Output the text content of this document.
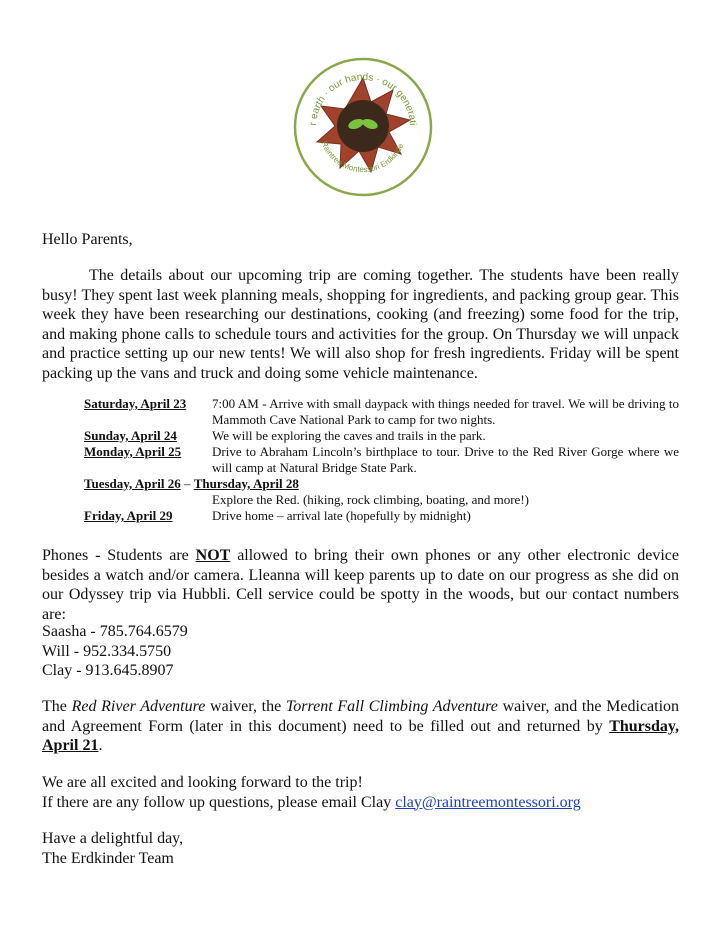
r earth · our hands · our generati
Raintree Montessori Erdkinde

Hello Parents,

The details about our upcoming trip are coming together. The students have been really busy! They spent last week planning meals, shopping for ingredients, and packing group gear. This week they have been researching our destinations, cooking (and freezing) some food for the trip, and making phone calls to schedule tours and activities for the group. On Thursday we will unpack and practice setting up our new tents! We will also shop for fresh ingredients. Friday will be spent packing up the vans and truck and doing some vehicle maintenance.

Saturday, April 23	7:00 AM - Arrive with small daypack with things needed for travel. We will be driving to Mammoth Cave National Park to camp for two nights.
Sunday, April 24	We will be exploring the caves and trails in the park.
Monday, April 25	Drive to Abraham Lincoln’s birthplace to tour. Drive to the Red River Gorge where we will camp at Natural Bridge State Park.
Tuesday, April 26 – Thursday, April 28
Explore the Red. (hiking, rock climbing, boating, and more!)
Friday, April 29	Drive home – arrival late (hopefully by midnight)

Phones - Students are NOT allowed to bring their own phones or any other electronic device besides a watch and/or camera. Lleanna will keep parents up to date on our progress as she did on our Odyssey trip via Hubbli. Cell service could be spotty in the woods, but our contact numbers are:

The Red River Adventure waiver, the Torrent Fall Climbing Adventure waiver, and the Medication and Agreement Form (later in this document) need to be filled out and returned by Thursday, April 21.

We are all excited and looking forward to the trip!

If there are any follow up questions, please email Clay clay@raintreemontessori.org

Have a delightful day,

The Erdkinder Team

Saasha - 785.764.6579
Will - 952.334.5750
Clay - 913.645.8907
